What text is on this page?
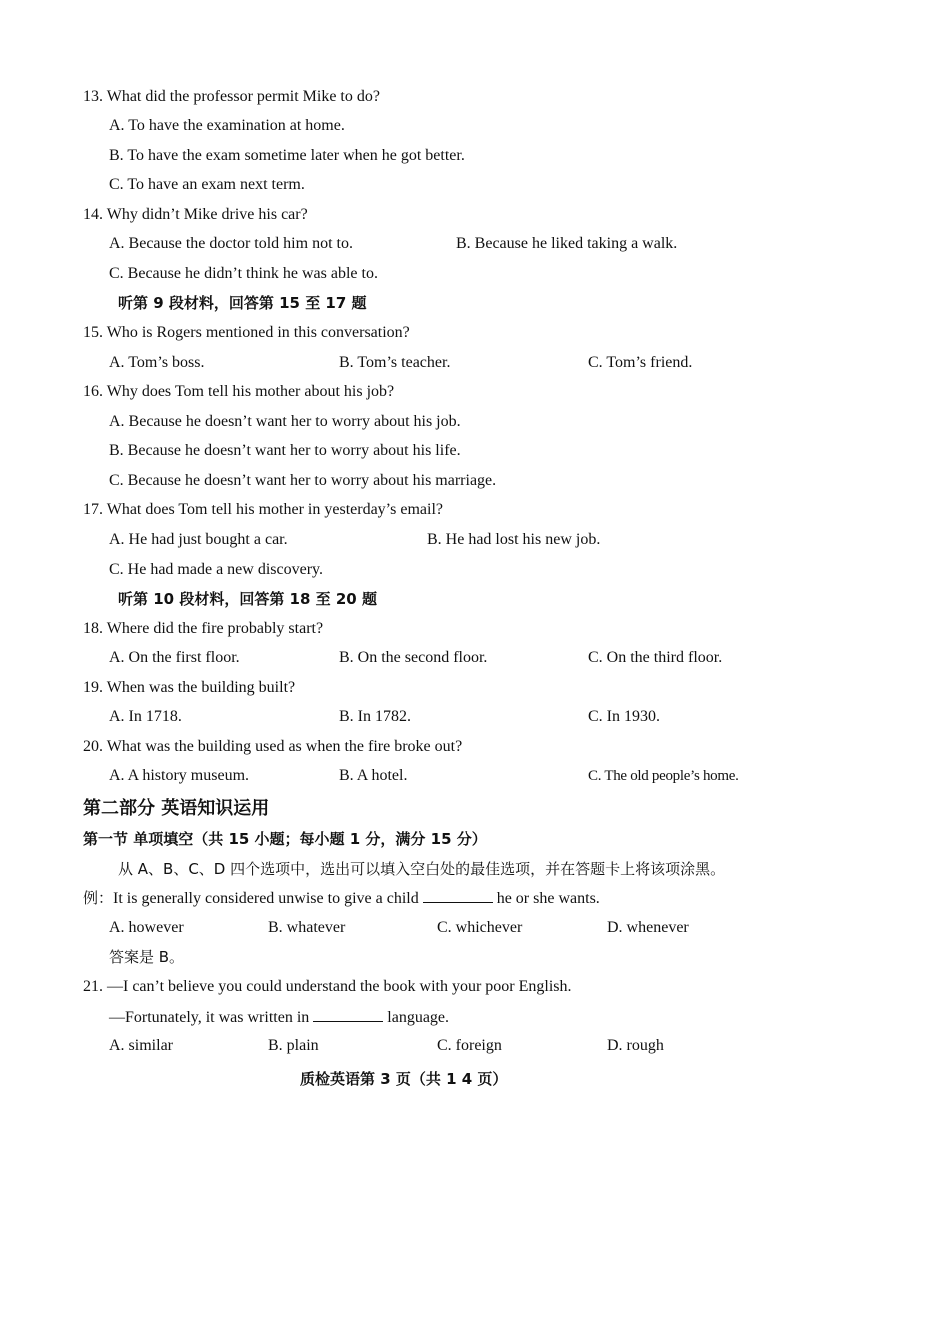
13. What did the professor permit Mike to do?
A. To have the examination at home.
B. To have the exam sometime later when he got better.
C. To have an exam next term.
14. Why didn’t Mike drive his car?
A. Because the doctor told him not to.	B. Because he liked taking a walk.
C. Because he didn’t think he was able to.
听第 9 段材料，回答第 15 至 17 题
15. Who is Rogers mentioned in this conversation?
A. Tom’s boss.	B. Tom’s teacher.	C. Tom’s friend.
16. Why does Tom tell his mother about his job?
A. Because he doesn’t want her to worry about his job.
B. Because he doesn’t want her to worry about his life.
C. Because he doesn’t want her to worry about his marriage.
17. What does Tom tell his mother in yesterday’s email?
A. He had just bought a car.	B. He had lost his new job.
C. He had made a new discovery.
听第 10 段材料，回答第 18 至 20 题
18. Where did the fire probably start?
A. On the first floor.	B. On the second floor.	C. On the third floor.
19. When was the building built?
A. In 1718.	B. In 1782.	C. In 1930.
20. What was the building used as when the fire broke out?
A. A history museum.	B. A hotel.	C. The old people’s home.
第二部分 英语知识运用
第一节 单项填空（共 15 小题；每小题 1 分，满分 15 分）
从 A、B、C、D 四个选项中，选出可以填入空白处的最佳选项，并在答题卡上将该项涂黑。
例：It is generally considered unwise to give a child	he or she wants.
A. however	B. whatever	C. whichever	D. whenever
答案是 B。
21. —I can’t believe you could understand the book with your poor English.
—Fortunately, it was written in	language.
A. similar	B. plain	C. foreign	D. rough
质检英语第 3 页（共 1 4 页）
